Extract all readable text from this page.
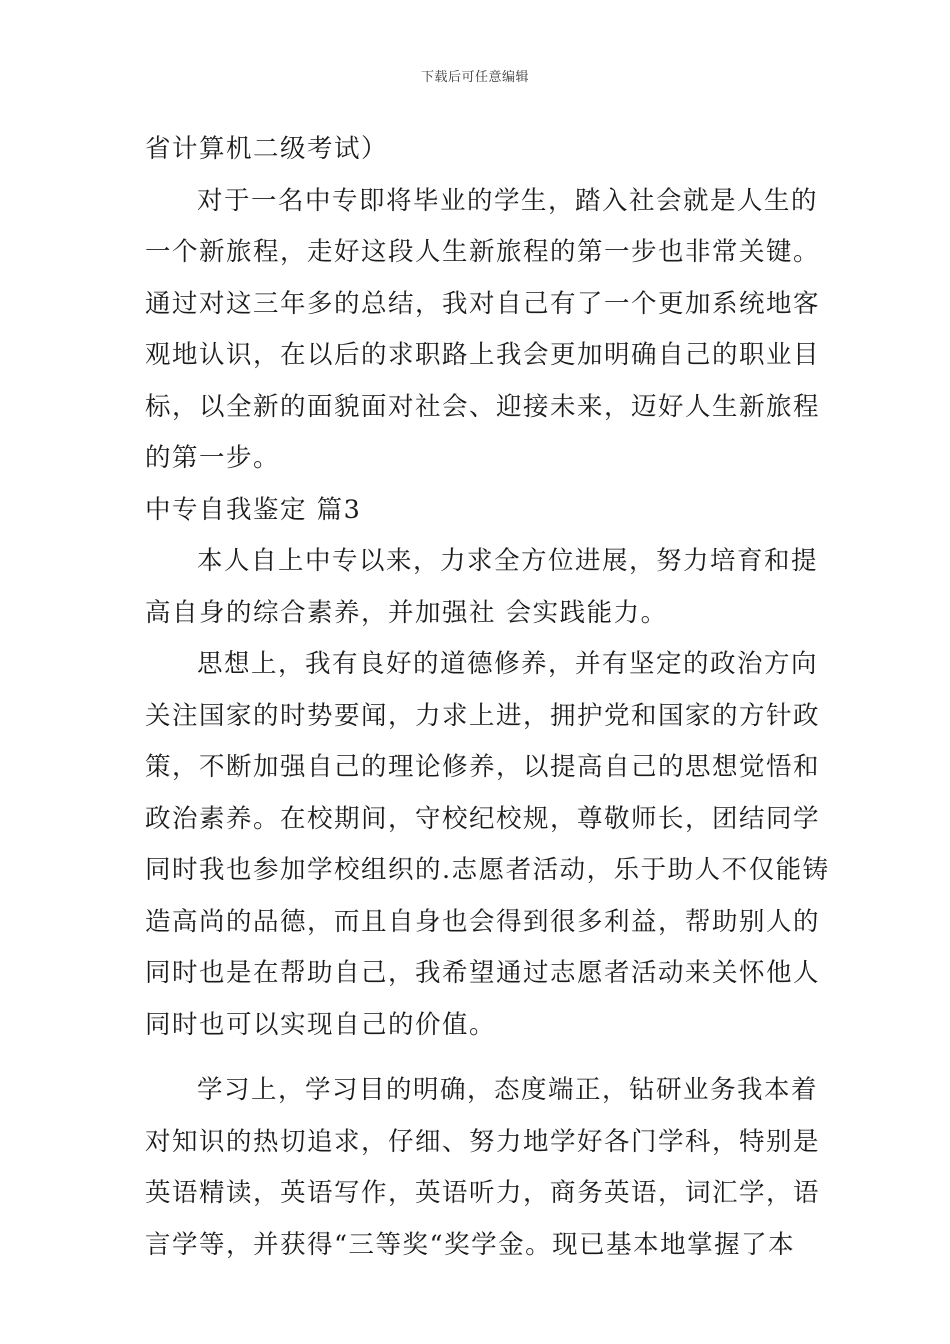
下载后可任意编辑
省计算机二级考试）
对于一名中专即将毕业的学生，踏入社会就是人生的
一个新旅程，走好这段人生新旅程的第一步也非常关键。
通过对这三年多的总结，我对自己有了一个更加系统地客
观地认识，在以后的求职路上我会更加明确自己的职业目
标，以全新的面貌面对社会、迎接未来，迈好人生新旅程
的第一步。
中专自我鉴定 篇3
本人自上中专以来，力求全方位进展，努力培育和提
高自身的综合素养，并加强社 会实践能力。
思想上，我有良好的道德修养，并有坚定的政治方向
关注国家的时势要闻，力求上进，拥护党和国家的方针政
策，不断加强自己的理论修养，以提高自己的思想觉悟和
政治素养。在校期间，守校纪校规，尊敬师长，团结同学
同时我也参加学校组织的.志愿者活动，乐于助人不仅能铸
造高尚的品德，而且自身也会得到很多利益，帮助别人的
同时也是在帮助自己，我希望通过志愿者活动来关怀他人
同时也可以实现自己的价值。
学习上，学习目的明确，态度端正，钻研业务我本着
对知识的热切追求，仔细、努力地学好各门学科，特别是
英语精读，英语写作，英语听力，商务英语，词汇学，语
言学等，并获得“三等奖“奖学金。现已基本地掌握了本
